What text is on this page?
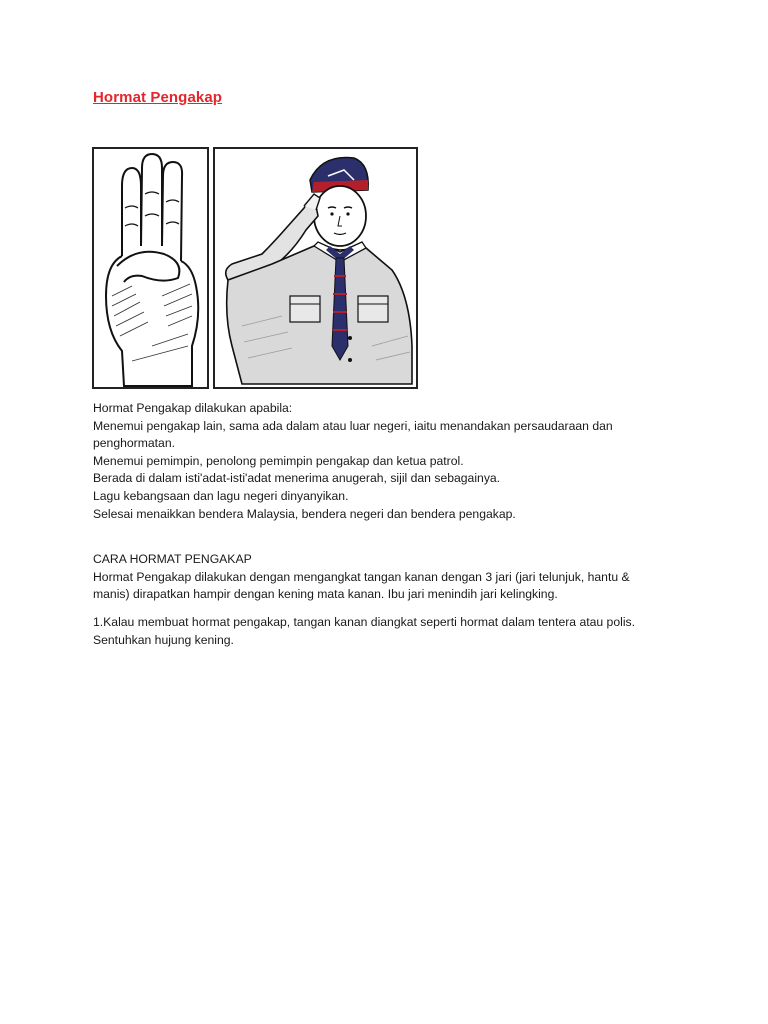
Hormat Pengakap

Hormat Pengakap dilakukan apabila:

Menemui pengakap lain, sama ada dalam atau luar negeri, iaitu menandakan persaudaraan dan

penghormatan.

Menemui pemimpin, penolong pemimpin pengakap dan ketua patrol.

Berada di dalam isti'adat-isti'adat menerima anugerah, sijil dan sebagainya.

Lagu kebangsaan dan lagu negeri dinyanyikan.

Selesai menaikkan bendera Malaysia, bendera negeri dan bendera pengakap.

CARA HORMAT PENGAKAP

Hormat Pengakap dilakukan dengan mengangkat tangan kanan dengan 3 jari (jari telunjuk, hantu &

manis) dirapatkan hampir dengan kening mata kanan. Ibu jari menindih jari kelingking.

1.Kalau membuat hormat pengakap, tangan kanan diangkat seperti hormat dalam tentera atau polis.

Sentuhkan hujung kening.
